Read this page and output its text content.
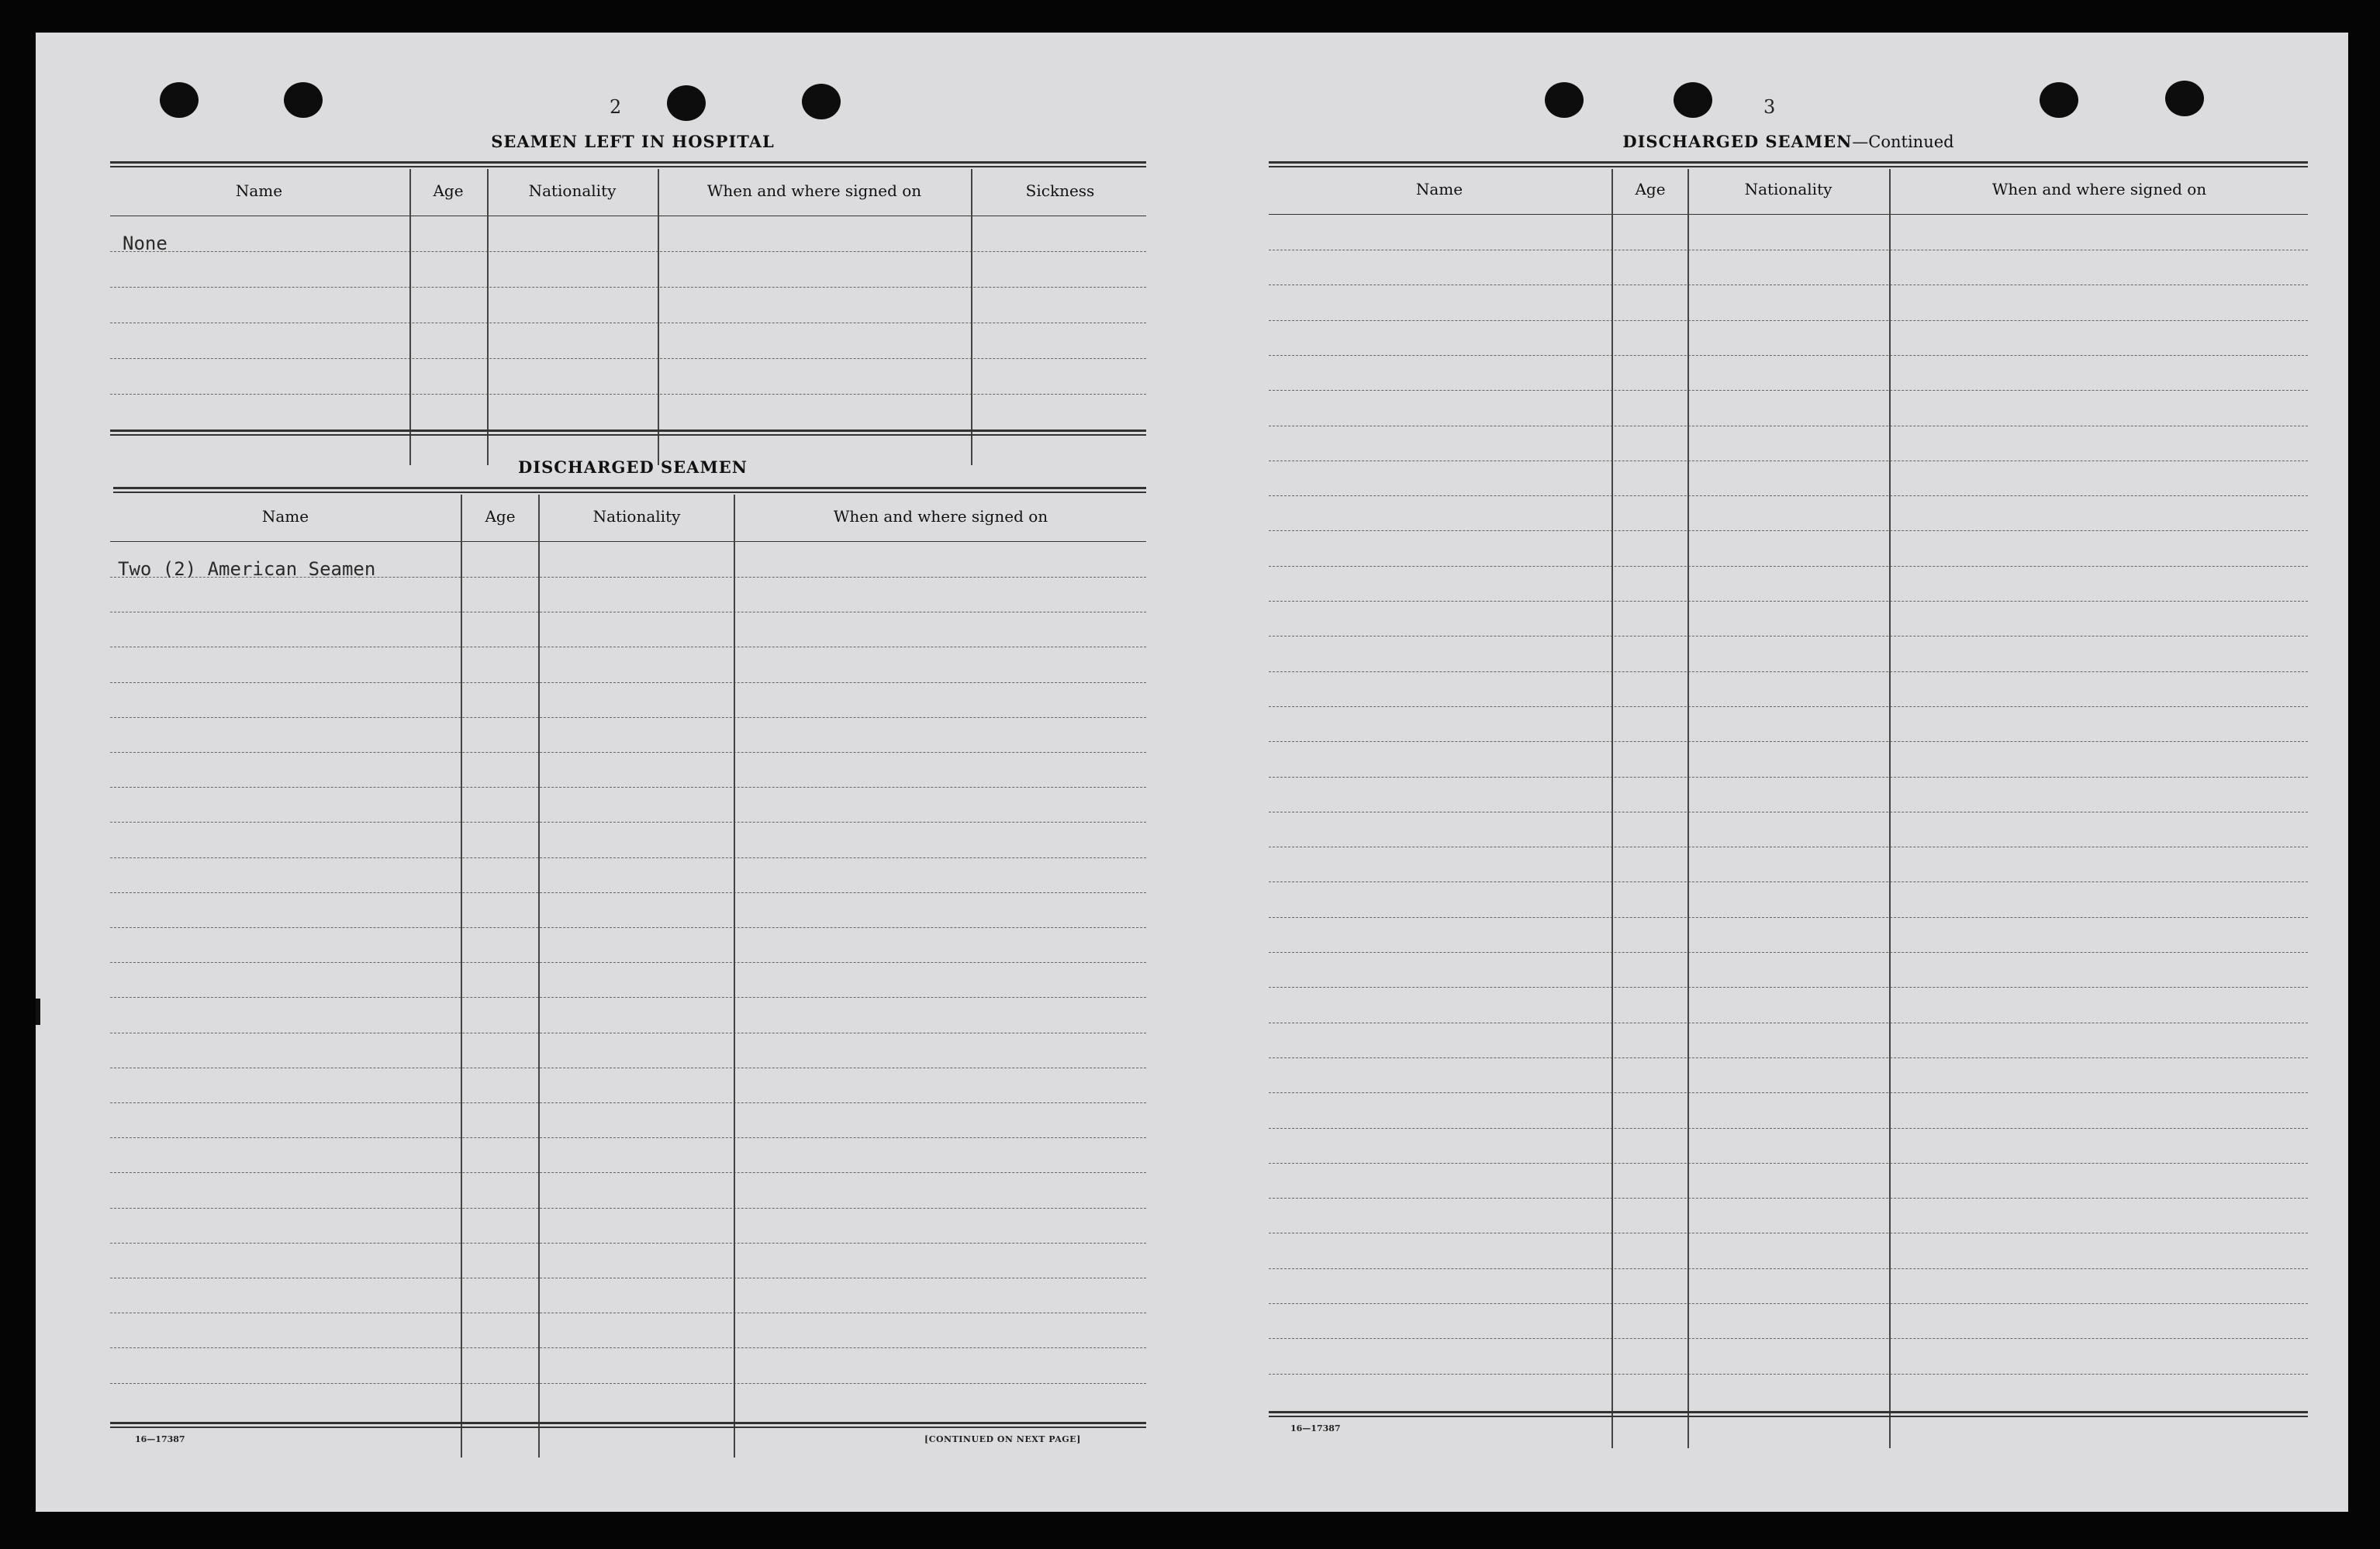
2
SEAMEN LEFT IN HOSPITAL
Name	Age	Nationality	When and where signed on	Sickness
None
DISCHARGED SEAMEN
Name	Age	Nationality	When and where signed on
Two (2) American Seamen
16—17387	[CONTINUED ON NEXT PAGE]
3
DISCHARGED SEAMEN—Continued
Name	Age	Nationality	When and where signed on
16—17387
